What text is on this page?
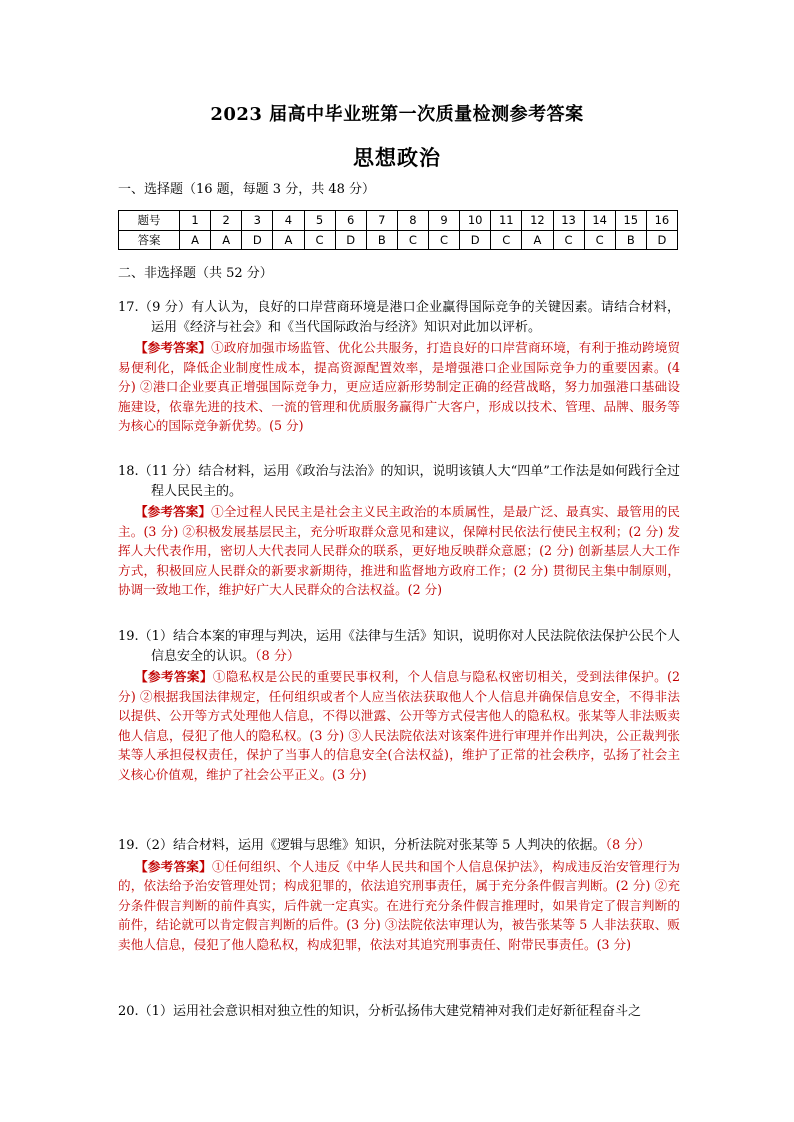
2023 届高中毕业班第一次质量检测参考答案
思想政治
一、选择题（16 题，每题 3 分，共 48 分）
题号	1	2	3	4	5	6	7	8	9	10	11	12	13	14	15	16
答案	A	A	D	A	C	D	B	C	C	D	C	A	C	C	B	D
二、非选择题（共 52 分）
17.（9 分）有人认为，良好的口岸营商环境是港口企业赢得国际竞争的关键因素。请结合材料，运用《经济与社会》和《当代国际政治与经济》知识对此加以评析。
【参考答案】①政府加强市场监管、优化公共服务，打造良好的口岸营商环境，有利于推动跨境贸易便利化，降低企业制度性成本，提高资源配置效率，是增强港口企业国际竞争力的重要因素。(4 分) ②港口企业要真正增强国际竞争力，更应适应新形势制定正确的经营战略，努力加强港口基础设施建设，依靠先进的技术、一流的管理和优质服务赢得广大客户，形成以技术、管理、品牌、服务等为核心的国际竞争新优势。(5 分)
18.（11 分）结合材料，运用《政治与法治》的知识，说明该镇人大“四单”工作法是如何践行全过程人民民主的。
【参考答案】①全过程人民民主是社会主义民主政治的本质属性，是最广泛、最真实、最管用的民主。(3 分) ②积极发展基层民主，充分听取群众意见和建议，保障村民依法行使民主权利；(2 分) 发挥人大代表作用，密切人大代表同人民群众的联系，更好地反映群众意愿；(2 分) 创新基层人大工作方式，积极回应人民群众的新要求新期待，推进和监督地方政府工作；(2 分) 贯彻民主集中制原则，协调一致地工作，维护好广大人民群众的合法权益。(2 分)
19.（1）结合本案的审理与判决，运用《法律与生活》知识，说明你对人民法院依法保护公民个人信息安全的认识。（8 分）
【参考答案】①隐私权是公民的重要民事权利，个人信息与隐私权密切相关，受到法律保护。(2 分) ②根据我国法律规定，任何组织或者个人应当依法获取他人个人信息并确保信息安全，不得非法以提供、公开等方式处理他人信息，不得以泄露、公开等方式侵害他人的隐私权。张某等人非法贩卖他人信息，侵犯了他人的隐私权。(3 分) ③人民法院依法对该案件进行审理并作出判决，公正裁判张某等人承担侵权责任，保护了当事人的信息安全(合法权益)，维护了正常的社会秩序，弘扬了社会主义核心价值观，维护了社会公平正义。(3 分)
19.（2）结合材料，运用《逻辑与思维》知识，分析法院对张某等 5 人判决的依据。（8 分）
【参考答案】①任何组织、个人违反《中华人民共和国个人信息保护法》，构成违反治安管理行为的，依法给予治安管理处罚；构成犯罪的，依法追究刑事责任，属于充分条件假言判断。(2 分) ②充分条件假言判断的前件真实，后件就一定真实。在进行充分条件假言推理时，如果肯定了假言判断的前件，结论就可以肯定假言判断的后件。(3 分) ③法院依法审理认为，被告张某等 5 人非法获取、贩卖他人信息，侵犯了他人隐私权，构成犯罪，依法对其追究刑事责任、附带民事责任。(3 分)
20.（1）运用社会意识相对独立性的知识，分析弘扬伟大建党精神对我们走好新征程奋斗之
